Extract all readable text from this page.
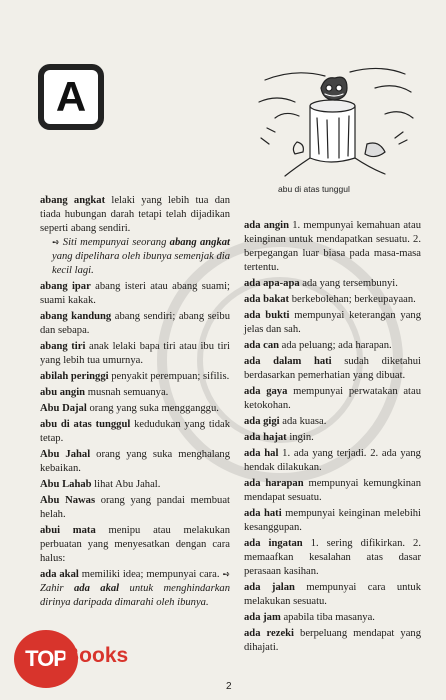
A
abu di atas tunggul
abang angkat lelaki yang lebih tua dan tiada hubungan darah tetapi telah dijadikan seperti abang sendiri.
➺ Siti mempunyai seorang abang angkat yang dipelihara oleh ibunya semenjak dia kecil lagi.
abang ipar abang isteri atau abang suami; suami kakak.
abang kandung abang sendiri; abang seibu dan sebapa.
abang tiri anak lelaki bapa tiri atau ibu tiri yang lebih tua umurnya.
abilah peringgi penyakit perempuan; sifilis.
abu angin musnah semuanya.
Abu Dajal orang yang suka mengganggu.
abu di atas tunggul kedudukan yang tidak tetap.
Abu Jahal orang yang suka menghalang kebaikan.
Abu Lahab lihat Abu Jahal.
Abu Nawas orang yang pandai membuat helah.
abui mata menipu atau melakukan perbuatan yang menyesatkan dengan cara halus:
ada akal memiliki idea; mempunyai cara. ➺ Zahir ada akal untuk menghindarkan dirinya daripada dimarahi oleh ibunya.
ada angin 1. mempunyai kemahuan atau keinginan untuk mendapatkan sesuatu. 2. berpegangan luar biasa pada masa-masa tertentu.
ada apa-apa ada yang tersembunyi.
ada bakat berkebolehan; berkeupayaan.
ada bukti mempunyai keterangan yang jelas dan sah.
ada can ada peluang; ada harapan.
ada dalam hati sudah diketahui berdasarkan pemerhatian yang dibuat.
ada gaya mempunyai perwatakan atau ketokohan.
ada gigi ada kuasa.
ada hajat ingin.
ada hal 1. ada yang terjadi. 2. ada yang hendak dilakukan.
ada harapan mempunyai kemungkinan mendapat sesuatu.
ada hati mempunyai keinginan melebihi kesanggupan.
ada ingatan 1. sering difikirkan. 2. memaafkan kesalahan atas dasar perasaan kasihan.
ada jalan mempunyai cara untuk melakukan sesuatu.
ada jam apabila tiba masanya.
ada rezeki berpeluang mendapat yang dihajati.
TOP
Books
2
